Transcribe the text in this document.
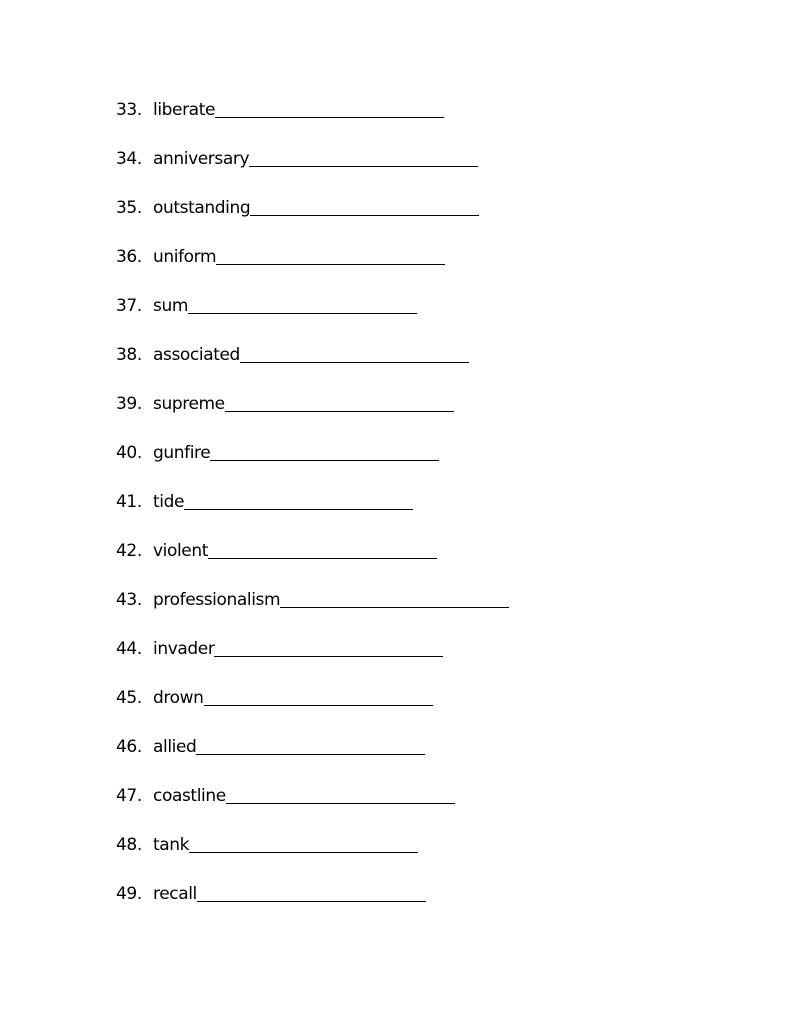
33. liberate
34. anniversary
35. outstanding
36. uniform
37. sum
38. associated
39. supreme
40. gunfire
41. tide
42. violent
43. professionalism
44. invader
45. drown
46. allied
47. coastline
48. tank
49. recall
